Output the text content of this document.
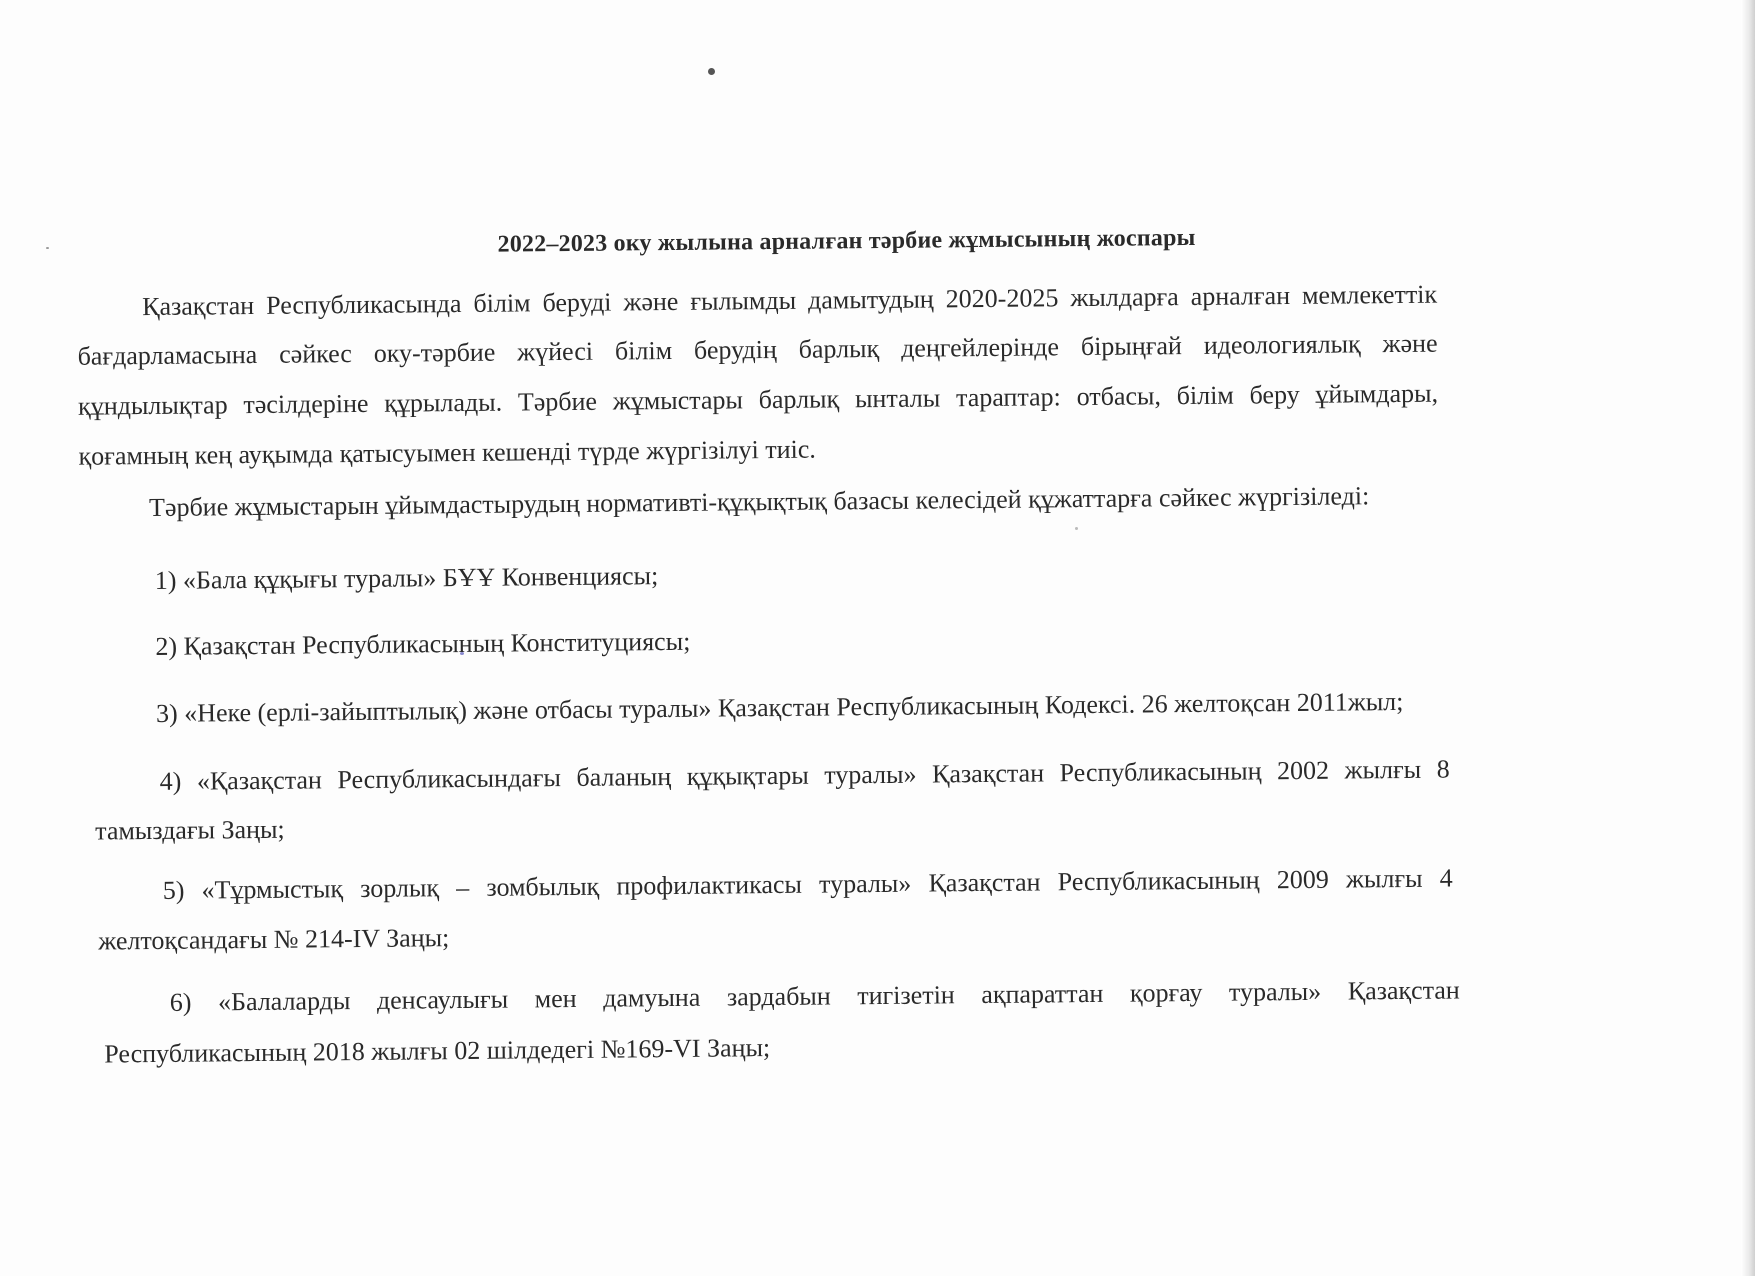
2022–2023 оку жылына арналған тәрбие жұмысының жоспары
Қазақстан Республикасында білім беруді және ғылымды дамытудың 2020-2025 жылдарға арналған мемлекеттік
бағдарламасына сәйкес оку-тәрбие жүйесі білім берудің барлық деңгейлерінде бірыңғай идеологиялық және
құндылықтар тәсілдеріне құрылады. Тәрбие жұмыстары барлық ынталы тараптар: отбасы, білім беру ұйымдары,
қоғамның кең ауқымда қатысуымен кешенді түрде жүргізілуі тиіс.
Тәрбие жұмыстарын ұйымдастырудың нормативті-құқықтық базасы келесідей құжаттарға сәйкес жүргізіледі:
1) «Бала құқығы туралы» БҰҰ Конвенциясы;
2) Қазақстан Республикасының Конституциясы;
3) «Неке (ерлі-зайыптылық) және отбасы туралы» Қазақстан Республикасының Кодексі. 26 желтоқсан 2011жыл;
4) «Қазақстан Республикасындағы баланың құқықтары туралы» Қазақстан Республикасының 2002 жылғы 8
тамыздағы Заңы;
5) «Тұрмыстық зорлық – зомбылық профилактикасы туралы» Қазақстан Республикасының 2009 жылғы 4
желтоқсандағы № 214-IV Заңы;
6) «Балаларды денсаулығы мен дамуына зардабын тигізетін ақпараттан қорғау туралы» Қазақстан
Республикасының 2018 жылғы 02 шілдедегі №169-VI Заңы;
